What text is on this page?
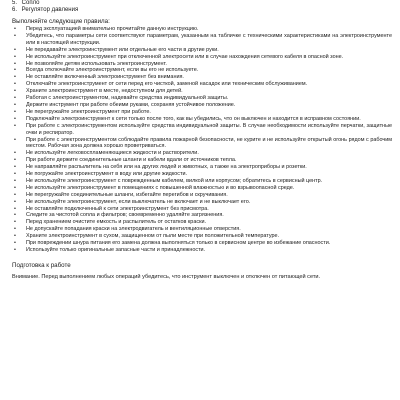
5. Сопло
6. Регулятор давления
Выполняйте следующие правила:
• Перед эксплуатацией внимательно прочитайте данную инструкцию.
• Убедитесь, что параметры сети соответствуют параметрам, указанным на табличке с техническими характеристиками на электроинструменте или в настоящей инструкции.
• Не передавайте электроинструмент или отдельные его части в другие руки.
• Не используйте электроинструмент при отключенной электросети или в случае нахождения сетевого кабеля в опасной зоне.
• Не позволяйте детям использовать электроинструмент.
• Всегда отключайте электроинструмент, если вы его не используете.
• Не оставляйте включенный электроинструмент без внимания.
• Отключайте электроинструмент от сети перед его чисткой, заменой насадок или техническим обслуживанием.
• Храните электроинструмент в месте, недоступном для детей.
• Работая с электроинструментом, надевайте средства индивидуальной защиты.
• Держите инструмент при работе обеими руками, сохраняя устойчивое положение.
• Не перегружайте электроинструмент при работе.
• Подключайте электроинструмент к сети только после того, как вы убедились, что он выключен и находится в исправном состоянии.
• При работе с электроинструментом используйте средства индивидуальной защиты. В случае необходимости используйте перчатки, защитные очки и респиратор.
• При работе с электроинструментом соблюдайте правила пожарной безопасности, не курите и не используйте открытый огонь рядом с рабочим местом. Рабочая зона должна хорошо проветриваться.
• Не используйте легковоспламеняющиеся жидкости и растворители.
• При работе держите соединительные шланги и кабели вдали от источников тепла.
• Не направляйте распылитель на себя или на других людей и животных, а также на электроприборы и розетки.
• Не погружайте электроинструмент в воду или другие жидкости.
• Не используйте электроинструмент с поврежденным кабелем, вилкой или корпусом; обратитесь в сервисный центр.
• Не используйте электроинструмент в помещениях с повышенной влажностью и во взрывоопасной среде.
• Не перегружайте соединительные шланги, избегайте перегибов и скручивания.
• Не используйте электроинструмент, если выключатель не включает и не выключает его.
• Не оставляйте подключенный к сети электроинструмент без присмотра.
• Следите за чистотой сопла и фильтров; своевременно удаляйте загрязнения.
• Перед хранением очистите емкость и распылитель от остатков краски.
• Не допускайте попадания краски на электродвигатель и вентиляционные отверстия.
• Храните электроинструмент в сухом, защищенном от пыли месте при положительной температуре.
• При повреждении шнура питания его замена должна выполняться только в сервисном центре во избежание опасности.
• Используйте только оригинальные запасные части и принадлежности.
Подготовка к работе
Внимание. Перед выполнением любых операций убедитесь, что инструмент выключен и отключен от питающей сети.
